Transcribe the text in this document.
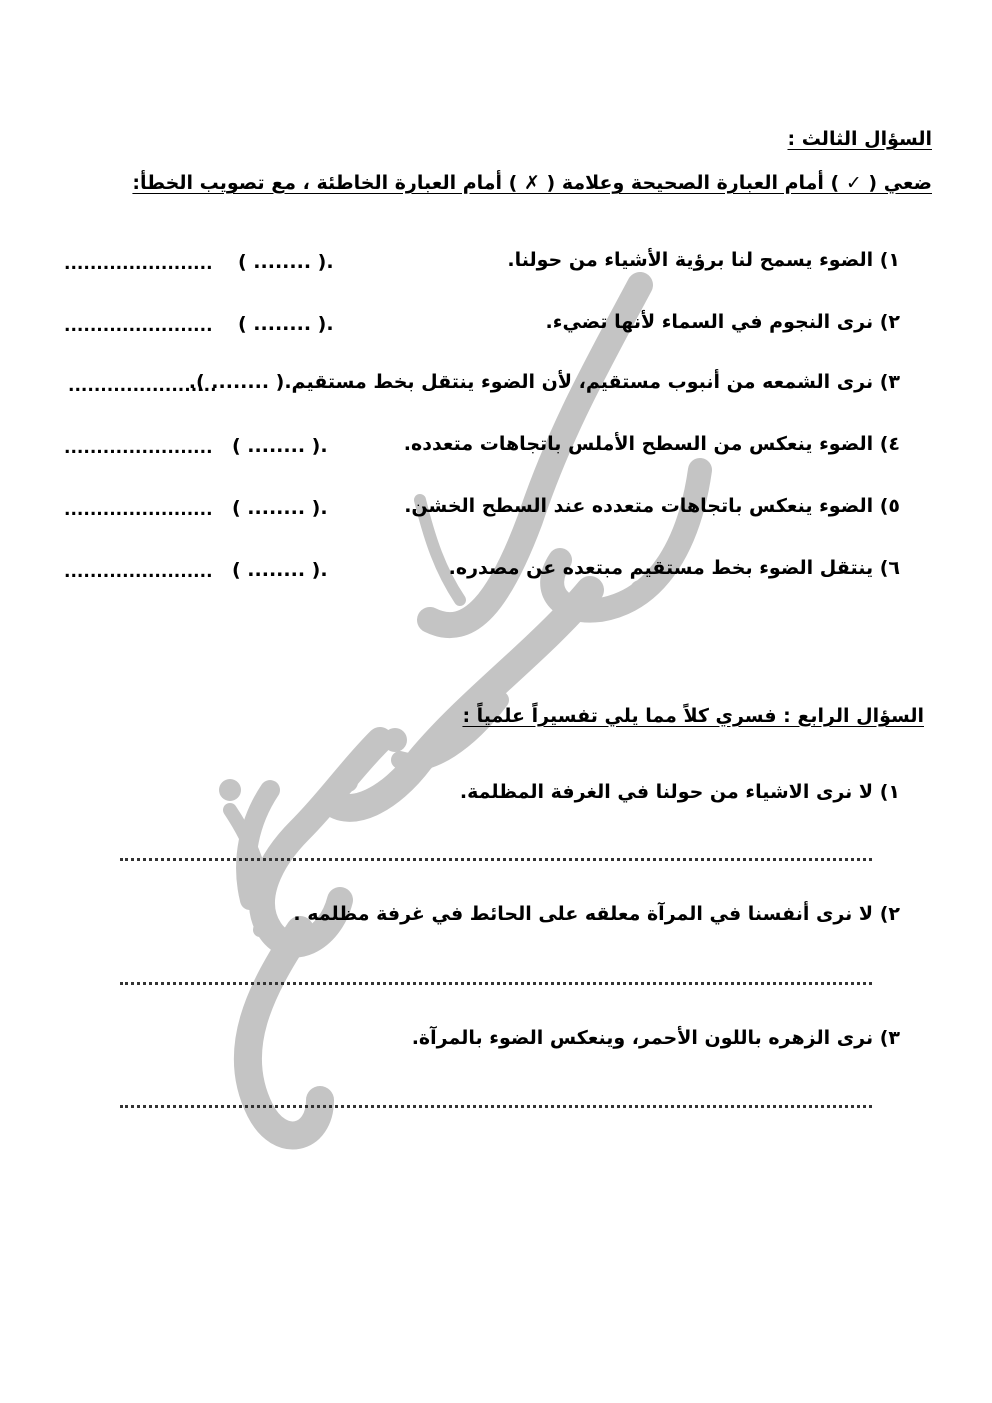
السؤال الثالث :
ضعي ( ✓ ) أمام العبارة الصحيحة وعلامة ( ✗ ) أمام العبارة الخاطئة ، مع تصويب الخطأ:
١) الضوء يسمح لنا برؤية الأشياء من حولنا.
( ........ ).
.......................
٢) نرى النجوم في السماء لأنها تضيء.
( ........ ).
.......................
٣) نرى الشمعه من أنبوب مستقيم، لأن الضوء ينتقل بخط مستقيم.( ........ ).
.......................
٤) الضوء ينعكس من السطح الأملس باتجاهات متعدده.
( ........ ).
.......................
٥) الضوء ينعكس باتجاهات متعدده عند السطح الخشن.
( ........ ).
.......................
٦) ينتقل الضوء بخط مستقيم مبتعده عن مصدره.
( ........ ).
.......................
السؤال الرابع : فسري كلاً مما يلي تفسيراً علمياً :
١) لا نرى الاشياء من حولنا في الغرفة المظلمة.
٢) لا نرى أنفسنا في المرآة معلقه على الحائط في غرفة مظلمه .
٣) نرى الزهره باللون الأحمر، وينعكس الضوء بالمرآة.
